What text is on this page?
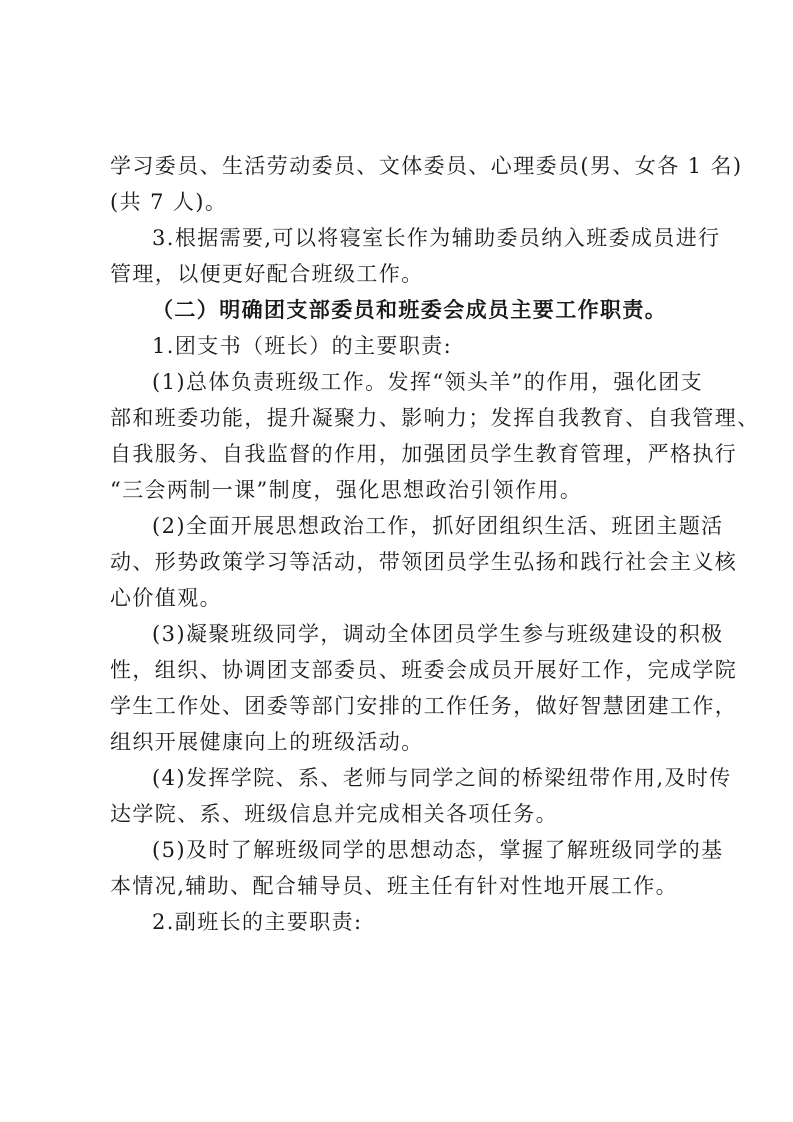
学习委员、生活劳动委员、文体委员、心理委员(男、女各 1 名)
(共 7 人)。
3.根据需要,可以将寝室长作为辅助委员纳入班委成员进行
管理，以便更好配合班级工作。
（二）明确团支部委员和班委会成员主要工作职责。
1.团支书（班长）的主要职责:
(1)总体负责班级工作。发挥“领头羊”的作用，强化团支
部和班委功能，提升凝聚力、影响力；发挥自我教育、自我管理、
自我服务、自我监督的作用，加强团员学生教育管理，严格执行
“三会两制一课”制度，强化思想政治引领作用。
(2)全面开展思想政治工作，抓好团组织生活、班团主题活
动、形势政策学习等活动，带领团员学生弘扬和践行社会主义核
心价值观。
(3)凝聚班级同学，调动全体团员学生参与班级建设的积极
性，组织、协调团支部委员、班委会成员开展好工作，完成学院
学生工作处、团委等部门安排的工作任务，做好智慧团建工作，
组织开展健康向上的班级活动。
(4)发挥学院、系、老师与同学之间的桥梁纽带作用,及时传
达学院、系、班级信息并完成相关各项任务。
(5)及时了解班级同学的思想动态，掌握了解班级同学的基
本情况,辅助、配合辅导员、班主任有针对性地开展工作。
2.副班长的主要职责:
